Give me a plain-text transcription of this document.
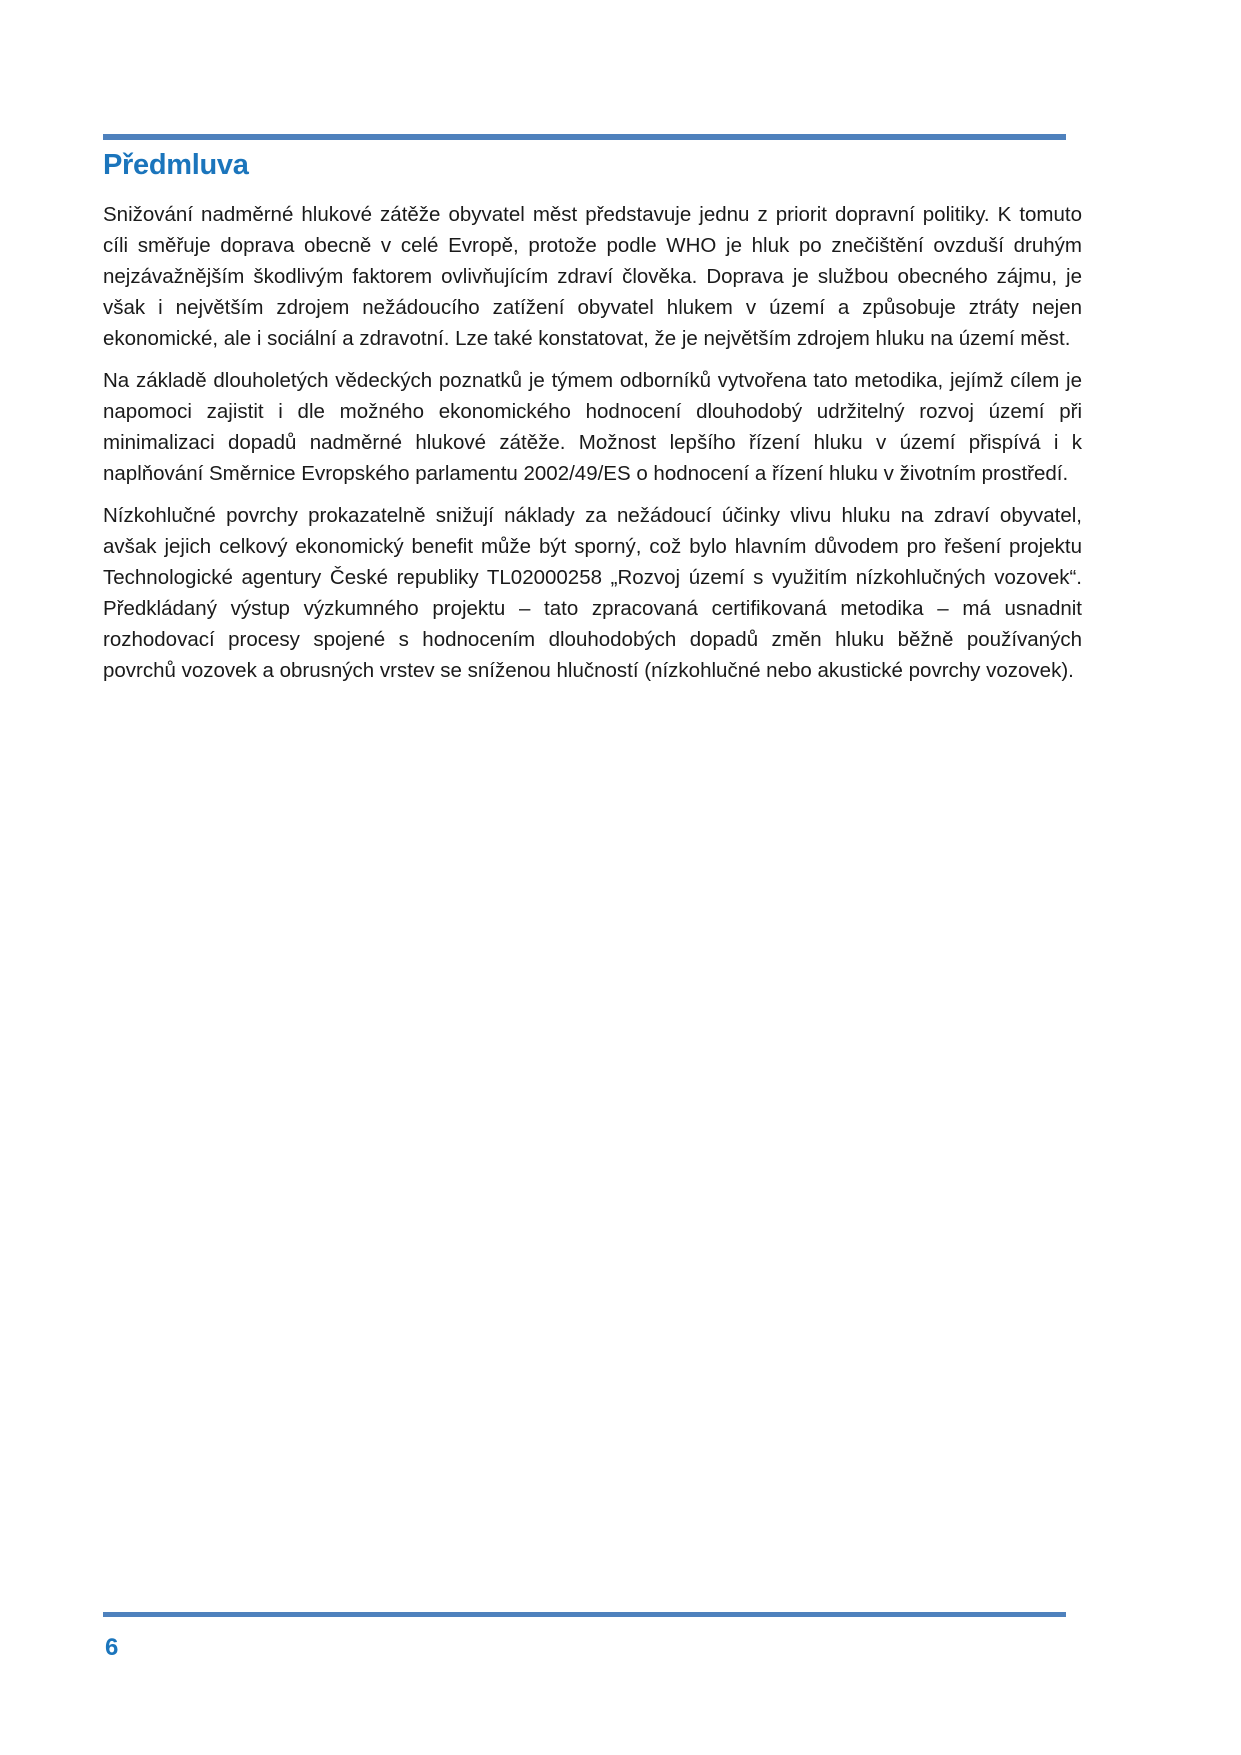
Předmluva

Snižování nadměrné hlukové zátěže obyvatel měst představuje jednu z priorit dopravní politiky. K tomuto cíli směřuje doprava obecně v celé Evropě, protože podle WHO je hluk po znečištění ovzduší druhým nejzávažnějším škodlivým faktorem ovlivňujícím zdraví člověka. Doprava je službou obecného zájmu, je však i největším zdrojem nežádoucího zatížení obyvatel hlukem v území a způsobuje ztráty nejen ekonomické, ale i sociální a zdravotní. Lze také konstatovat, že je největším zdrojem hluku na území měst.

Na základě dlouholetých vědeckých poznatků je týmem odborníků vytvořena tato metodika, jejímž cílem je napomoci zajistit i dle možného ekonomického hodnocení dlouhodobý udržitelný rozvoj území při minimalizaci dopadů nadměrné hlukové zátěže. Možnost lepšího řízení hluku v území přispívá i k naplňování Směrnice Evropského parlamentu 2002/49/ES o hodnocení a řízení hluku v životním prostředí.

Nízkohlučné povrchy prokazatelně snižují náklady za nežádoucí účinky vlivu hluku na zdraví obyvatel, avšak jejich celkový ekonomický benefit může být sporný, což bylo hlavním důvodem pro řešení projektu Technologické agentury České republiky TL02000258 „Rozvoj území s využitím nízkohlučných vozovek“. Předkládaný výstup výzkumného projektu – tato zpracovaná certifikovaná metodika – má usnadnit rozhodovací procesy spojené s hodnocením dlouhodobých dopadů změn hluku běžně používaných povrchů vozovek a obrusných vrstev se sníženou hlučností (nízkohlučné nebo akustické povrchy vozovek).

6
